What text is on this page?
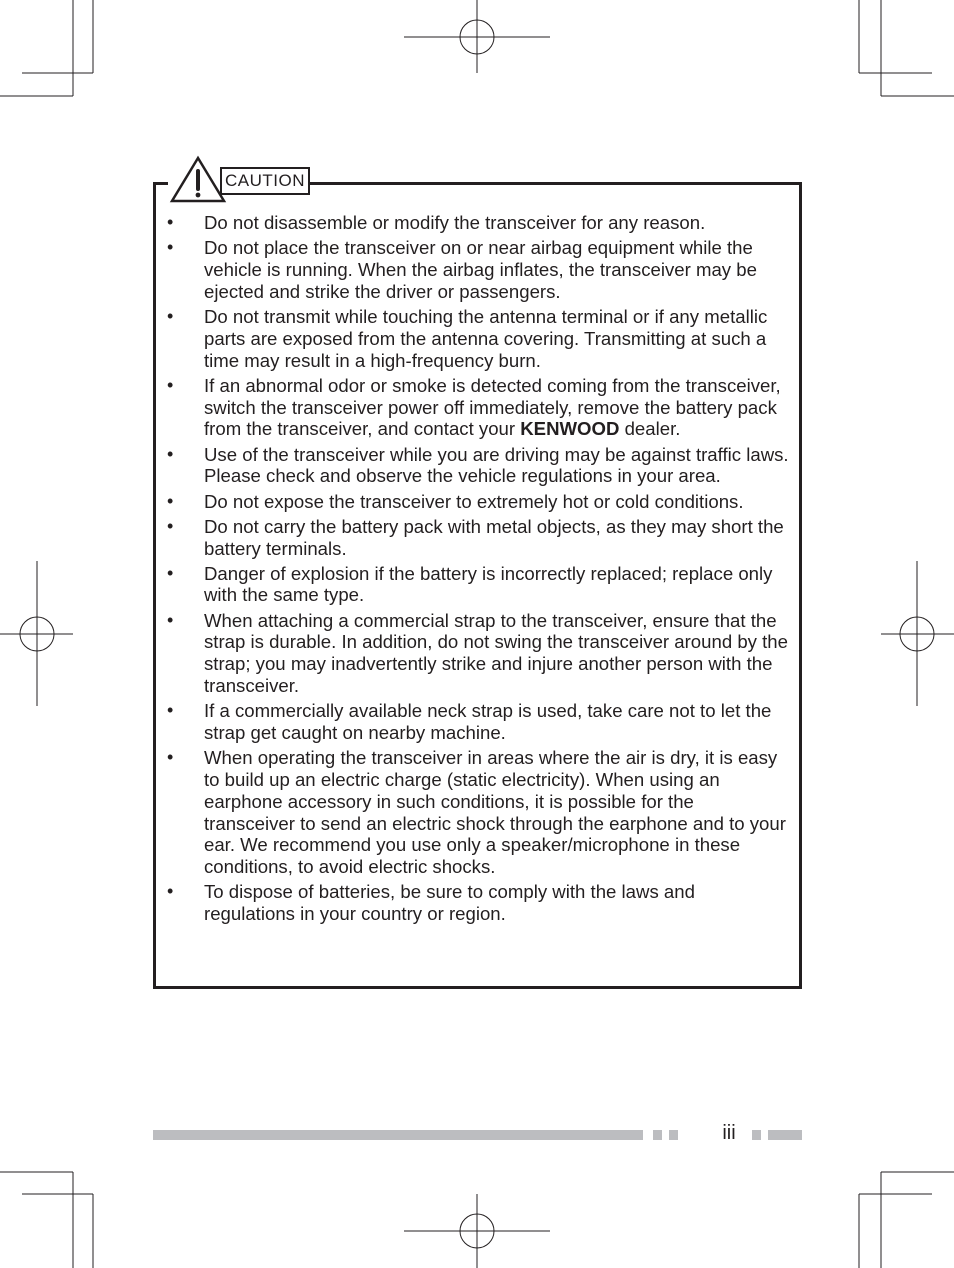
CAUTION
• Do not disassemble or modify the transceiver for any reason.
• Do not place the transceiver on or near airbag equipment while the vehicle is running. When the airbag inflates, the transceiver may be ejected and strike the driver or passengers.
• Do not transmit while touching the antenna terminal or if any metallic parts are exposed from the antenna covering. Transmitting at such a time may result in a high-frequency burn.
• If an abnormal odor or smoke is detected coming from the transceiver, switch the transceiver power off immediately, remove the battery pack from the transceiver, and contact your KENWOOD dealer.
• Use of the transceiver while you are driving may be against traffic laws. Please check and observe the vehicle regulations in your area.
• Do not expose the transceiver to extremely hot or cold conditions.
• Do not carry the battery pack with metal objects, as they may short the battery terminals.
• Danger of explosion if the battery is incorrectly replaced; replace only with the same type.
• When attaching a commercial strap to the transceiver, ensure that the strap is durable. In addition, do not swing the transceiver around by the strap; you may inadvertently strike and injure another person with the transceiver.
• If a commercially available neck strap is used, take care not to let the strap get caught on nearby machine.
• When operating the transceiver in areas where the air is dry, it is easy to build up an electric charge (static electricity). When using an earphone accessory in such conditions, it is possible for the transceiver to send an electric shock through the earphone and to your ear. We recommend you use only a speaker/microphone in these conditions, to avoid electric shocks.
• To dispose of batteries, be sure to comply with the laws and regulations in your country or region.
iii
